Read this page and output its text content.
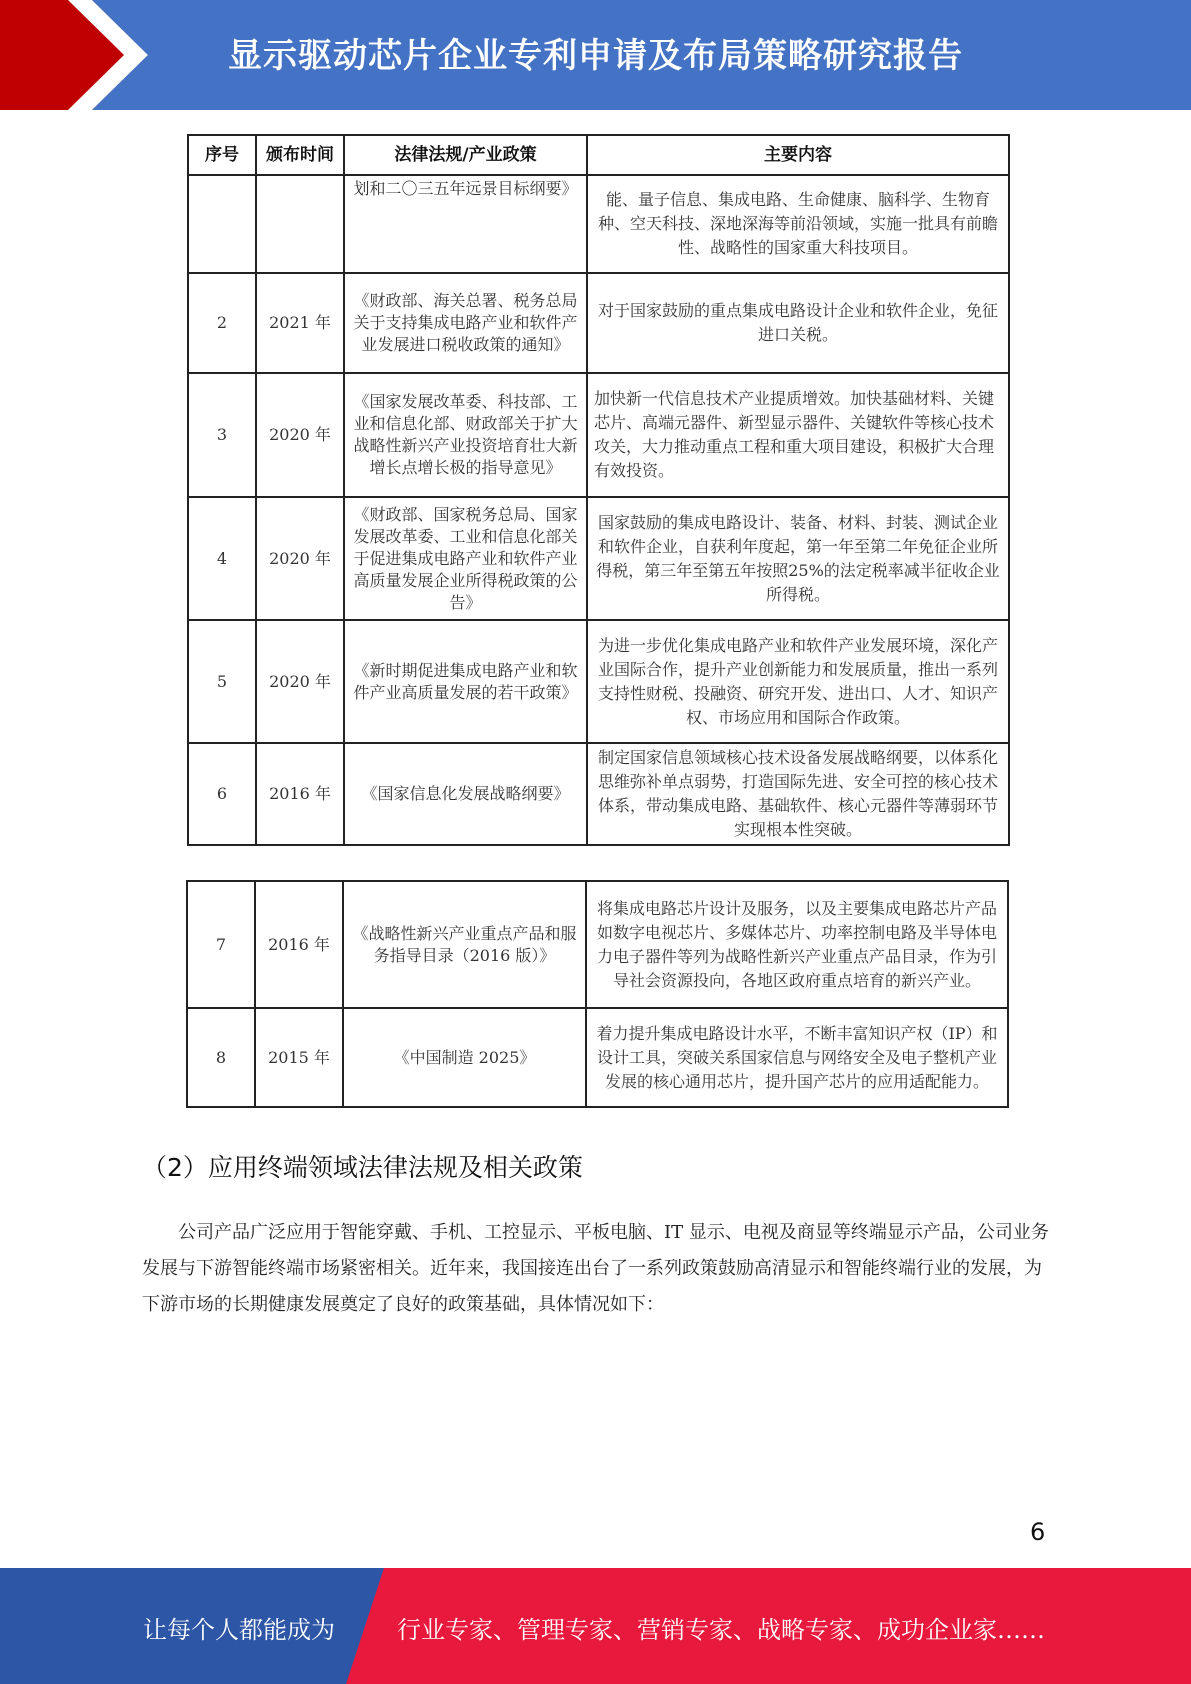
显示驱动芯片企业专利申请及布局策略研究报告
序号	颁布时间	法律法规/产业政策	主要内容
		划和二〇三五年远景目标纲要》	能、量子信息、集成电路、生命健康、脑科学、生物育种、空天科技、深地深海等前沿领域，实施一批具有前瞻性、战略性的国家重大科技项目。
2	2021 年	《财政部、海关总署、税务总局关于支持集成电路产业和软件产业发展进口税收政策的通知》	对于国家鼓励的重点集成电路设计企业和软件企业，免征进口关税。
3	2020 年	《国家发展改革委、科技部、工业和信息化部、财政部关于扩大战略性新兴产业投资培育壮大新增长点增长极的指导意见》	加快新一代信息技术产业提质增效。加快基础材料、关键芯片、高端元器件、新型显示器件、关键软件等核心技术攻关，大力推动重点工程和重大项目建设，积极扩大合理有效投资。
4	2020 年	《财政部、国家税务总局、国家发展改革委、工业和信息化部关于促进集成电路产业和软件产业高质量发展企业所得税政策的公告》	国家鼓励的集成电路设计、装备、材料、封装、测试企业和软件企业，自获利年度起，第一年至第二年免征企业所得税，第三年至第五年按照25%的法定税率减半征收企业所得税。
5	2020 年	《新时期促进集成电路产业和软件产业高质量发展的若干政策》	为进一步优化集成电路产业和软件产业发展环境，深化产业国际合作，提升产业创新能力和发展质量，推出一系列支持性财税、投融资、研究开发、进出口、人才、知识产权、市场应用和国际合作政策。
6	2016 年	《国家信息化发展战略纲要》	制定国家信息领域核心技术设备发展战略纲要，以体系化思维弥补单点弱势，打造国际先进、安全可控的核心技术体系，带动集成电路、基础软件、核心元器件等薄弱环节实现根本性突破。
7	2016 年	《战略性新兴产业重点产品和服务指导目录（2016 版）》	将集成电路芯片设计及服务，以及主要集成电路芯片产品如数字电视芯片、多媒体芯片、功率控制电路及半导体电力电子器件等列为战略性新兴产业重点产品目录，作为引导社会资源投向，各地区政府重点培育的新兴产业。
8	2015 年	《中国制造 2025》	着力提升集成电路设计水平，不断丰富知识产权（IP）和设计工具，突破关系国家信息与网络安全及电子整机产业发展的核心通用芯片，提升国产芯片的应用适配能力。
（2）应用终端领域法律法规及相关政策

公司产品广泛应用于智能穿戴、手机、工控显示、平板电脑、IT 显示、电视及商显等终端显示产品，公司业务发展与下游智能终端市场紧密相关。近年来，我国接连出台了一系列政策鼓励高清显示和智能终端行业的发展，为下游市场的长期健康发展奠定了良好的政策基础，具体情况如下：

6
让每个人都能成为	行业专家、管理专家、营销专家、战略专家、成功企业家……
